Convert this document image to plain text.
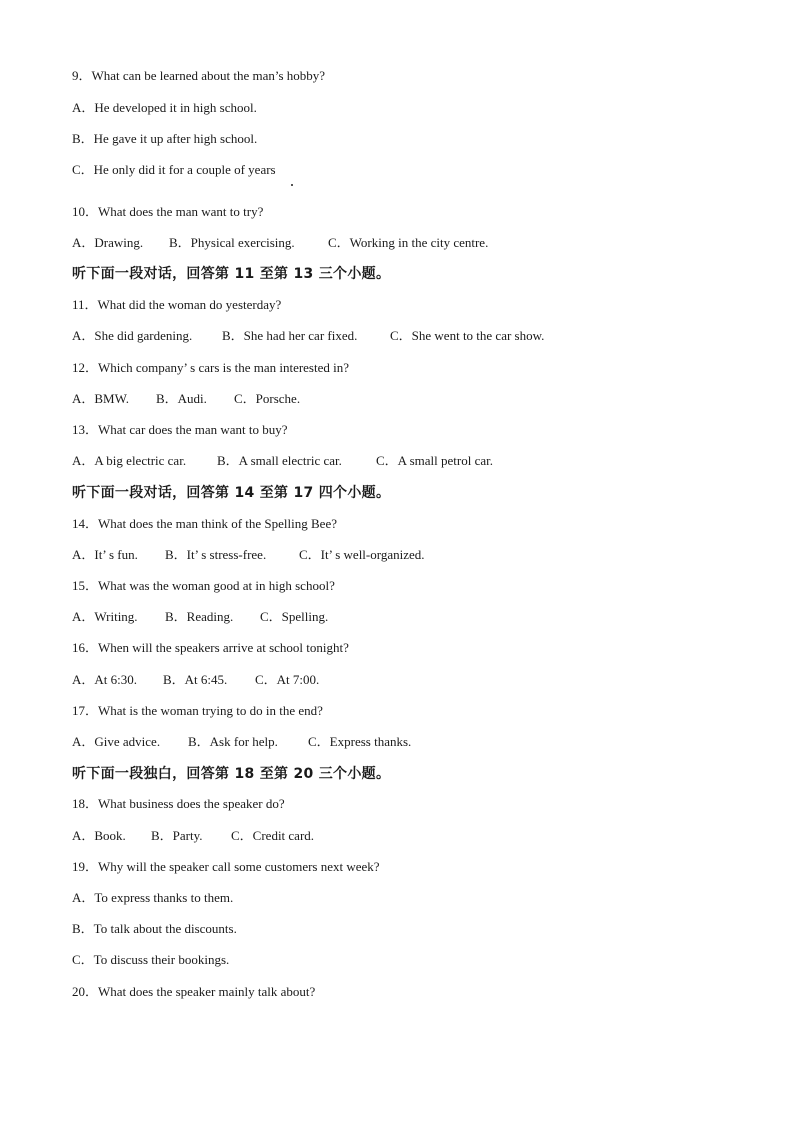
9．What can be learned about the man’s hobby?
A．He developed it in high school.
B．He gave it up after high school.
C．He only did it for a couple of years
10．What does the man want to try?
A．Drawing. B．Physical exercising.	C．Working in the city centre.
听下面一段对话，回答第 11 至第 13 三个小题。
11．What did the woman do yesterday?
A．She did gardening. B．She had her car fixed.	C．She went to the car show.
12．Which company’ s cars is the man interested in?
A．BMW. B．Audi. C．Porsche.
13．What car does the man want to buy?
A．A big electric car. B．A small electric car.	C．A small petrol car.
听下面一段对话，回答第 14 至第 17 四个小题。
14．What does the man think of the Spelling Bee?
A．It’ s fun. B．It’ s stress-free.	C．It’ s well-organized.
15．What was the woman good at in high school?
A．Writing. B．Reading. C．Spelling.
16．When will the speakers arrive at school tonight?
A．At 6:30. B．At 6:45. C．At 7:00.
17．What is the woman trying to do in the end?
A．Give advice. B．Ask for help. C．Express thanks.
听下面一段独白，回答第 18 至第 20 三个小题。
18．What business does the speaker do?
A．Book. B．Party. C．Credit card.
19．Why will the speaker call some customers next week?
A．To express thanks to them.
B．To talk about the discounts.
C．To discuss their bookings.
20．What does the speaker mainly talk about?
